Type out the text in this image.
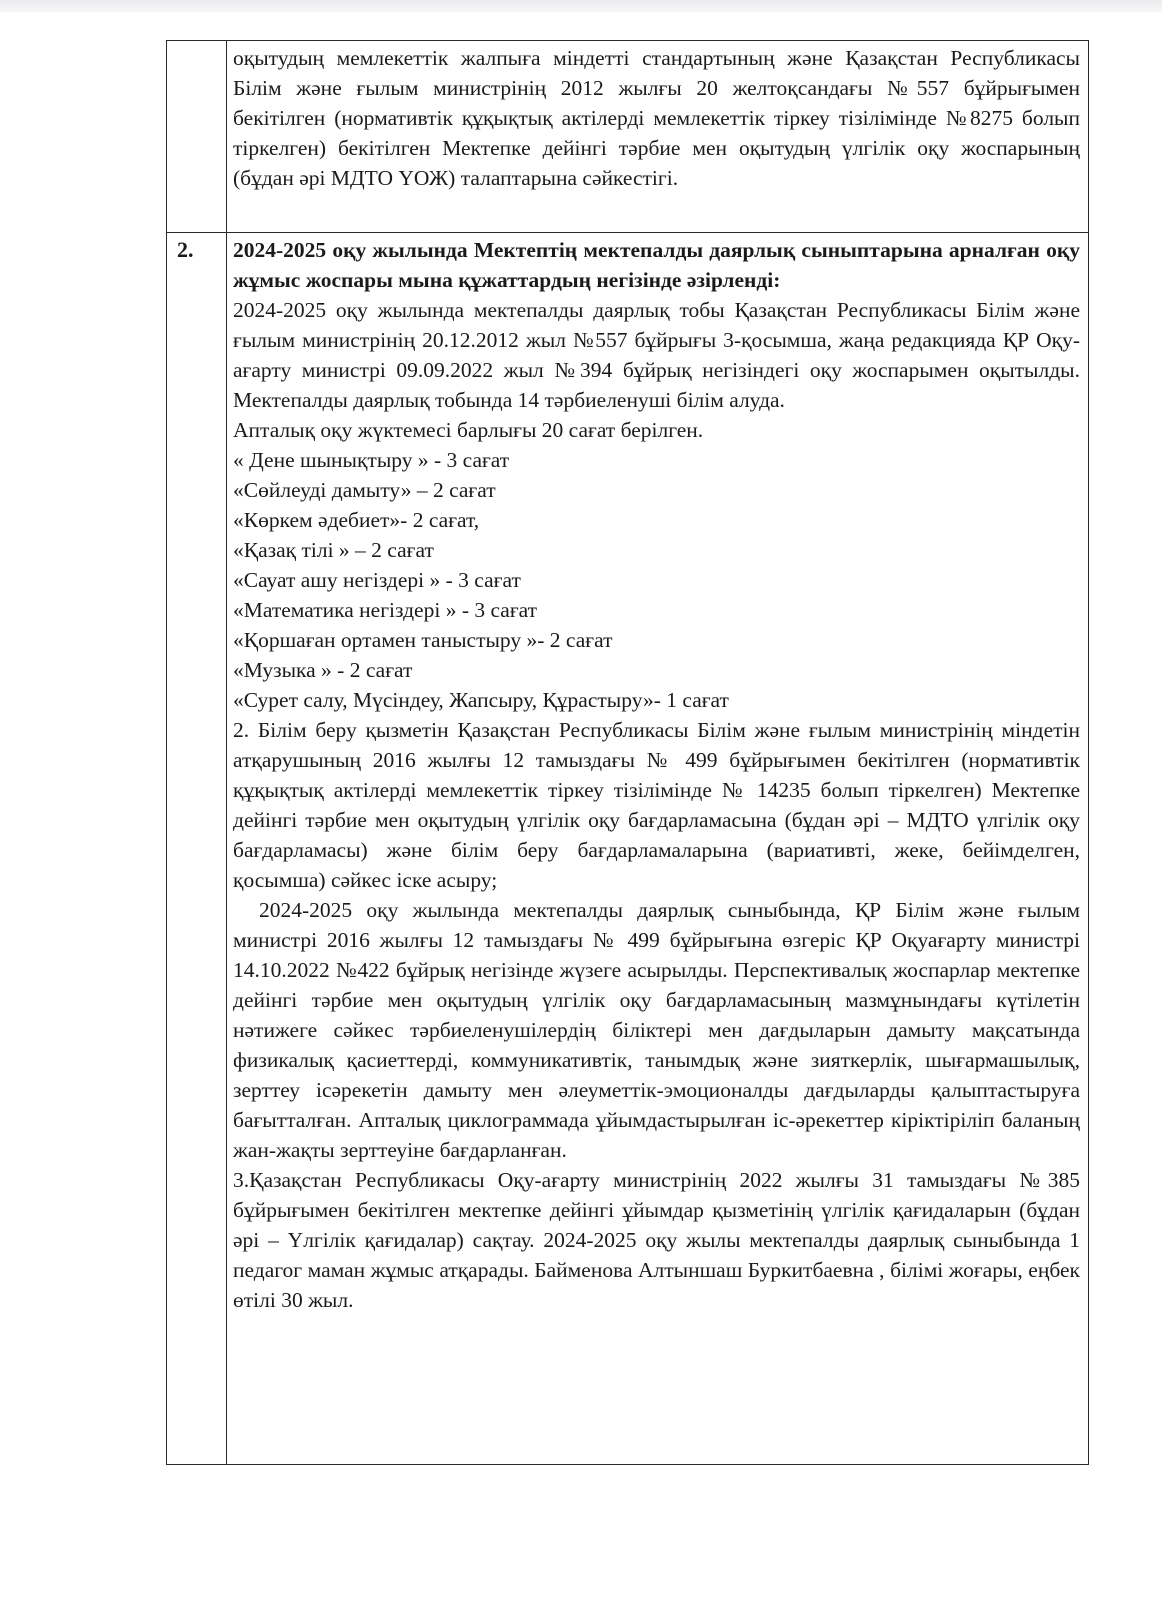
	оқытудың мемлекеттік жалпыға міндетті стандартының және Қазақстан Республикасы Білім және ғылым министрінің 2012 жылғы 20 желтоқсандағы №557 бұйрығымен бекітілген (нормативтік құқықтық актілерді мемлекеттік тіркеу тізілімінде №8275 болып тіркелген) бекітілген Мектепке дейінгі тәрбие мен оқытудың үлгілік оқу жоспарының (бұдан әрі МДТО ҮОЖ) талаптарына сәйкестігі.

2.	2024-2025 оқу жылында Мектептің мектепалды даярлық сыныптарына арналған оқу жұмыс жоспары мына құжаттардың негізінде әзірленді:

2024-2025 оқу жылында мектепалды даярлық тобы Қазақстан Республикасы Білім және ғылым министрінің 20.12.2012 жыл №557 бұйрығы 3-қосымша, жаңа редакцияда ҚР Оқу-ағарту министрі 09.09.2022 жыл №394 бұйрық негізіндегі оқу жоспарымен оқытылды. Мектепалды даярлық тобында 14 тәрбиеленуші білім алуда.

Апталық оқу жүктемесі барлығы 20 сағат берілген.

« Дене шынықтыру » - 3 сағат
«Сөйлеуді дамыту» – 2 сағат
«Көркем әдебиет»- 2 сағат,
«Қазақ тілі » – 2 сағат
«Сауат ашу негіздері » - 3 сағат
«Математика негіздері » - 3 сағат
«Қоршаған ортамен таныстыру »- 2 сағат
«Музыка » - 2 сағат
«Сурет салу, Мүсіндеу, Жапсыру, Құрастыру»- 1 сағат

2. Білім беру қызметін Қазақстан Республикасы Білім және ғылым министрінің міндетін атқарушының 2016 жылғы 12 тамыздағы № 499 бұйрығымен бекітілген (нормативтік құқықтық актілерді мемлекеттік тіркеу тізілімінде № 14235 болып тіркелген) Мектепке дейінгі тәрбие мен оқытудың үлгілік оқу бағдарламасына (бұдан әрі – МДТО үлгілік оқу бағдарламасы) және білім беру бағдарламаларына (вариативті, жеке, бейімделген, қосымша) сәйкес іске асыру;

2024-2025 оқу жылында мектепалды даярлық сыныбында, ҚР Білім және ғылым министрі 2016 жылғы 12 тамыздағы № 499 бұйрығына өзгеріс ҚР Оқуағарту министрі 14.10.2022 №422 бұйрық негізінде жүзеге асырылды. Перспективалық жоспарлар мектепке дейінгі тәрбие мен оқытудың үлгілік оқу бағдарламасының мазмұнындағы күтілетін нәтижеге сәйкес тәрбиеленушілердің біліктері мен дағдыларын дамыту мақсатында физикалық қасиеттерді, коммуникативтік, танымдық және зияткерлік, шығармашылық, зерттеу ісәрекетін дамыту мен әлеуметтік-эмоционалды дағдыларды қалыптастыруға бағытталған. Апталық циклограммада ұйымдастырылған іс-әрекеттер кіріктіріліп баланың жан-жақты зерттеуіне бағдарланған.

3.Қазақстан Республикасы Оқу-ағарту министрінің 2022 жылғы 31 тамыздағы №385 бұйрығымен бекітілген мектепке дейінгі ұйымдар қызметінің үлгілік қағидаларын (бұдан әрі – Үлгілік қағидалар) сақтау. 2024-2025 оқу жылы мектепалды даярлық сыныбында 1 педагог маман жұмыс атқарады. Байменова Алтыншаш Буркитбаевна , білімі жоғары, еңбек өтілі 30 жыл.
